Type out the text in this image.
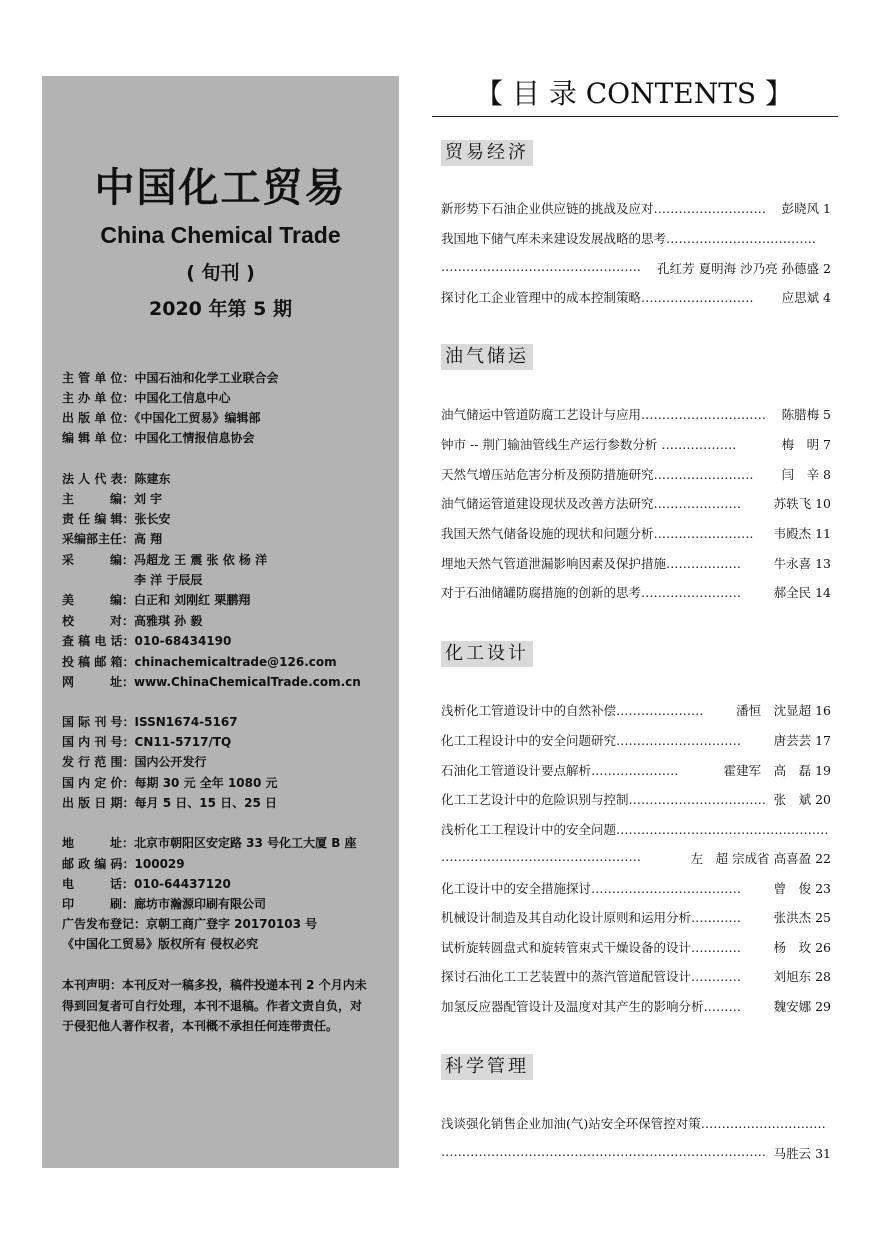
中国化工贸易
China Chemical Trade
( 旬刊 )
2020 年第 5 期
主 管 单 位：中国石油和化学工业联合会
主 办 单 位：中国化工信息中心
出 版 单 位：《中国化工贸易》编辑部
编 辑 单 位：中国化工情报信息协会
法 人 代 表：陈建东
主　　　编：刘 宇
责 任 编 辑：张长安
采编部主任：高 翔
采　　　编：冯超龙 王 震 张 依 杨 洋
　　　　　　李 洋 于辰辰
美　　　编：白正和 刘刚红 栗鹏翔
校　　　对：高雅琪 孙 毅
查 稿 电 话：010-68434190
投 稿 邮 箱：chinachemicaltrade@126.com
网　　　址：www.ChinaChemicalTrade.com.cn
国 际 刊 号：ISSN1674-5167
国 内 刊 号：CN11-5717/TQ
发 行 范 围：国内公开发行
国 内 定 价：每期 30 元 全年 1080 元
出 版 日 期：每月 5 日、15 日、25 日
地　　　址：北京市朝阳区安定路 33 号化工大厦 B 座
邮 政 编 码：100029
电　　　话：010-64437120
印　　　刷：廊坊市瀚源印刷有限公司
广告发布登记：京朝工商广登字 20170103 号
《中国化工贸易》版权所有 侵权必究
本刊声明：本刊反对一稿多投，稿件投递本刊 2 个月内未得到回复者可自行处理，本刊不退稿。作者文责自负，对于侵犯他人著作权者，本刊概不承担任何连带责任。
【 目 录 CONTENTS 】
贸易经济
新形势下石油企业供应链的挑战及应对……………………… 彭晓风 1
我国地下储气库未来建设发展战略的思考………………………………
………………………………………… 孔红芳 夏明海 沙乃亮 孙德盛 2
探讨化工企业管理中的成本控制策略……………………… 应思斌 4
油气储运
油气储运中管道防腐工艺设计与应用………………………… 陈腊梅 5
钟市 -- 荆门输油管线生产运行参数分析 ………………	梅　明 7
天然气增压站危害分析及预防措施研究…………………… 闫　辛 8
油气储运管道建设现状及改善方法研究…………………	苏轶飞 10
我国天然气储备设施的现状和问题分析…………………… 韦殿杰 11
埋地天然气管道泄漏影响因素及保护措施………………	牛永喜 13
对于石油储罐防腐措施的创新的思考……………………	郝全民 14
化工设计
浅析化工管道设计中的自然补偿…………………	潘恒　沈显超 16
化工工程设计中的安全问题研究…………………………	唐芸芸 17
石油化工管道设计要点解析…………………	霍建军　高　磊 19
化工工艺设计中的危险识别与控制…………………………… 张　斌 20
浅析化工工程设计中的安全问题……………………………………………
…………………………………………	左　超 宗成省 高喜盈 22
化工设计中的安全措施探讨………………………………	曾　俊 23
机械设计制造及其自动化设计原则和运用分析…………	张洪杰 25
试析旋转圆盘式和旋转管束式干燥设备的设计…………	杨　玫 26
探讨石油化工工艺装置中的蒸汽管道配管设计…………	刘旭东 28
加氢反应器配管设计及温度对其产生的影响分析………	魏安娜 29
科学管理
浅谈强化销售企业加油(气)站安全环保管控对策…………………………
…………………………………………………………………… 马胜云 31
